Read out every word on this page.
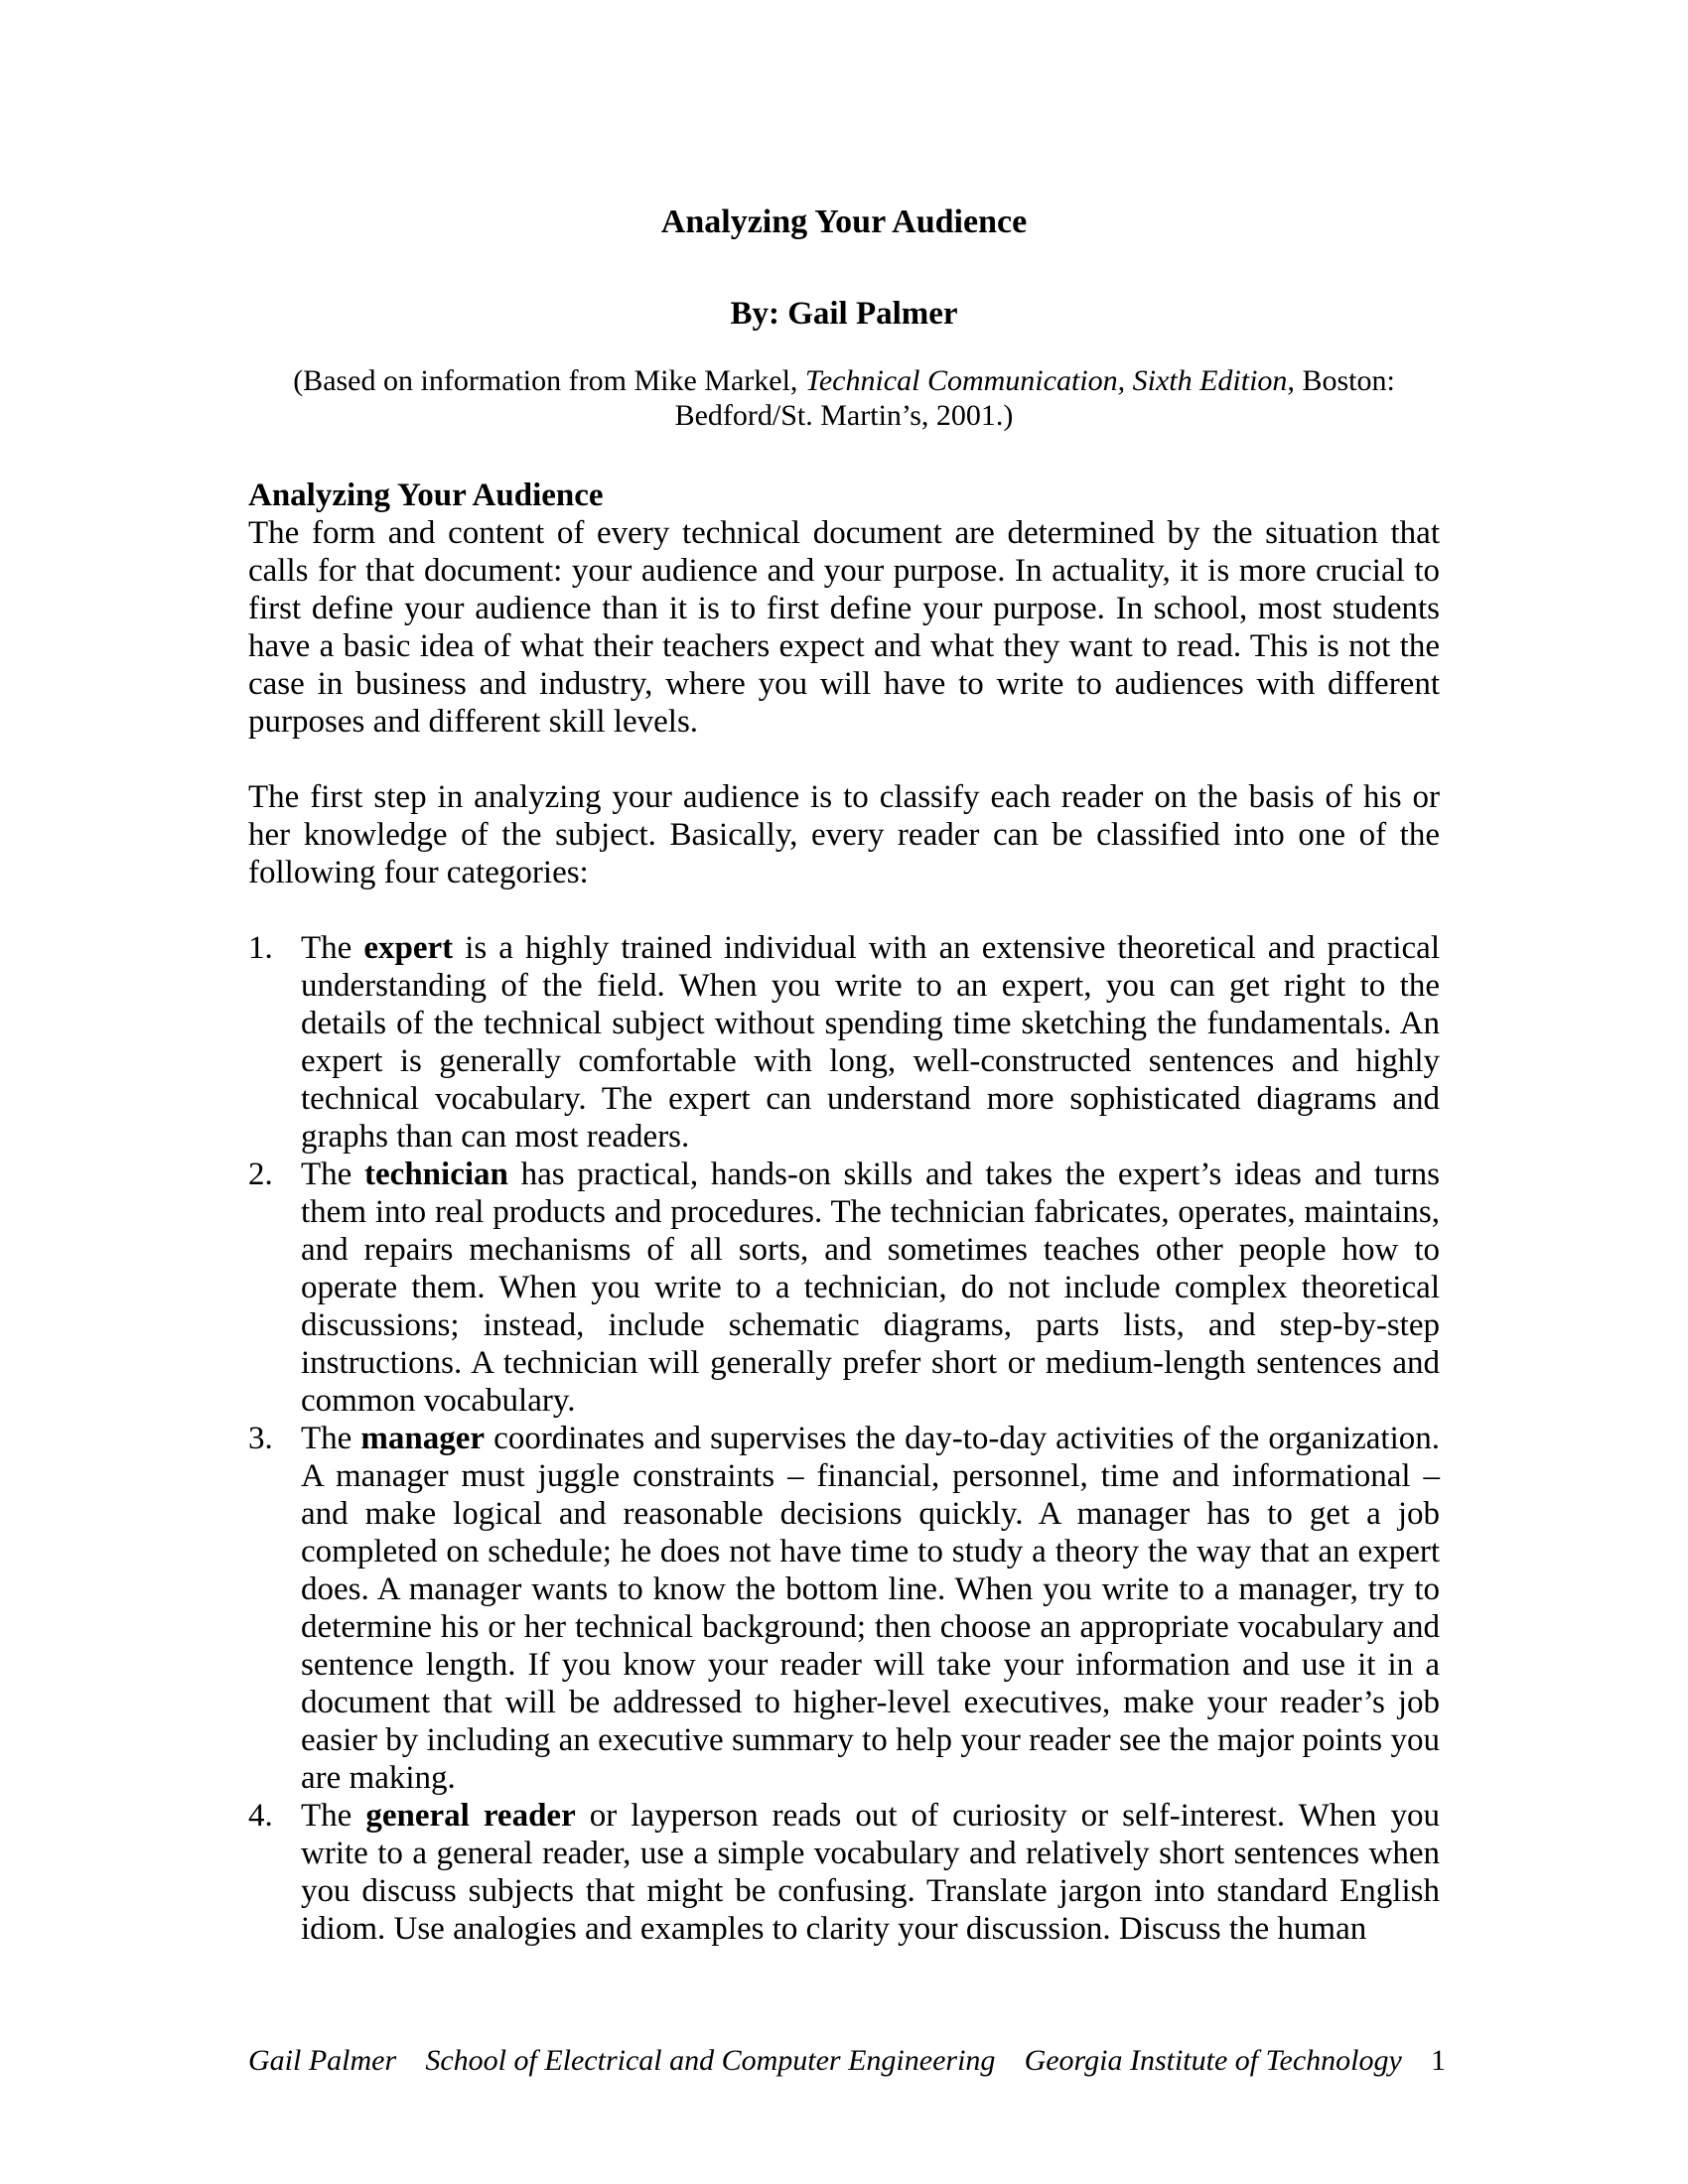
Analyzing Your Audience
By: Gail Palmer
(Based on information from Mike Markel, Technical Communication, Sixth Edition, Boston: Bedford/St. Martin’s, 2001.)
Analyzing Your Audience

The form and content of every technical document are determined by the situation that calls for that document: your audience and your purpose. In actuality, it is more crucial to first define your audience than it is to first define your purpose. In school, most students have a basic idea of what their teachers expect and what they want to read. This is not the case in business and industry, where you will have to write to audiences with different purposes and different skill levels.

The first step in analyzing your audience is to classify each reader on the basis of his or her knowledge of the subject. Basically, every reader can be classified into one of the following four categories:

1. The expert is a highly trained individual with an extensive theoretical and practical understanding of the field. When you write to an expert, you can get right to the details of the technical subject without spending time sketching the fundamentals. An expert is generally comfortable with long, well-constructed sentences and highly technical vocabulary. The expert can understand more sophisticated diagrams and graphs than can most readers.
2. The technician has practical, hands-on skills and takes the expert’s ideas and turns them into real products and procedures. The technician fabricates, operates, maintains, and repairs mechanisms of all sorts, and sometimes teaches other people how to operate them. When you write to a technician, do not include complex theoretical discussions; instead, include schematic diagrams, parts lists, and step-by-step instructions. A technician will generally prefer short or medium-length sentences and common vocabulary.
3. The manager coordinates and supervises the day-to-day activities of the organization. A manager must juggle constraints – financial, personnel, time and informational – and make logical and reasonable decisions quickly. A manager has to get a job completed on schedule; he does not have time to study a theory the way that an expert does. A manager wants to know the bottom line. When you write to a manager, try to determine his or her technical background; then choose an appropriate vocabulary and sentence length. If you know your reader will take your information and use it in a document that will be addressed to higher-level executives, make your reader’s job easier by including an executive summary to help your reader see the major points you are making.
4. The general reader or layperson reads out of curiosity or self-interest. When you write to a general reader, use a simple vocabulary and relatively short sentences when you discuss subjects that might be confusing. Translate jargon into standard English idiom. Use analogies and examples to clarity your discussion. Discuss the human
Gail Palmer School of Electrical and Computer Engineering Georgia Institute of Technology 1
